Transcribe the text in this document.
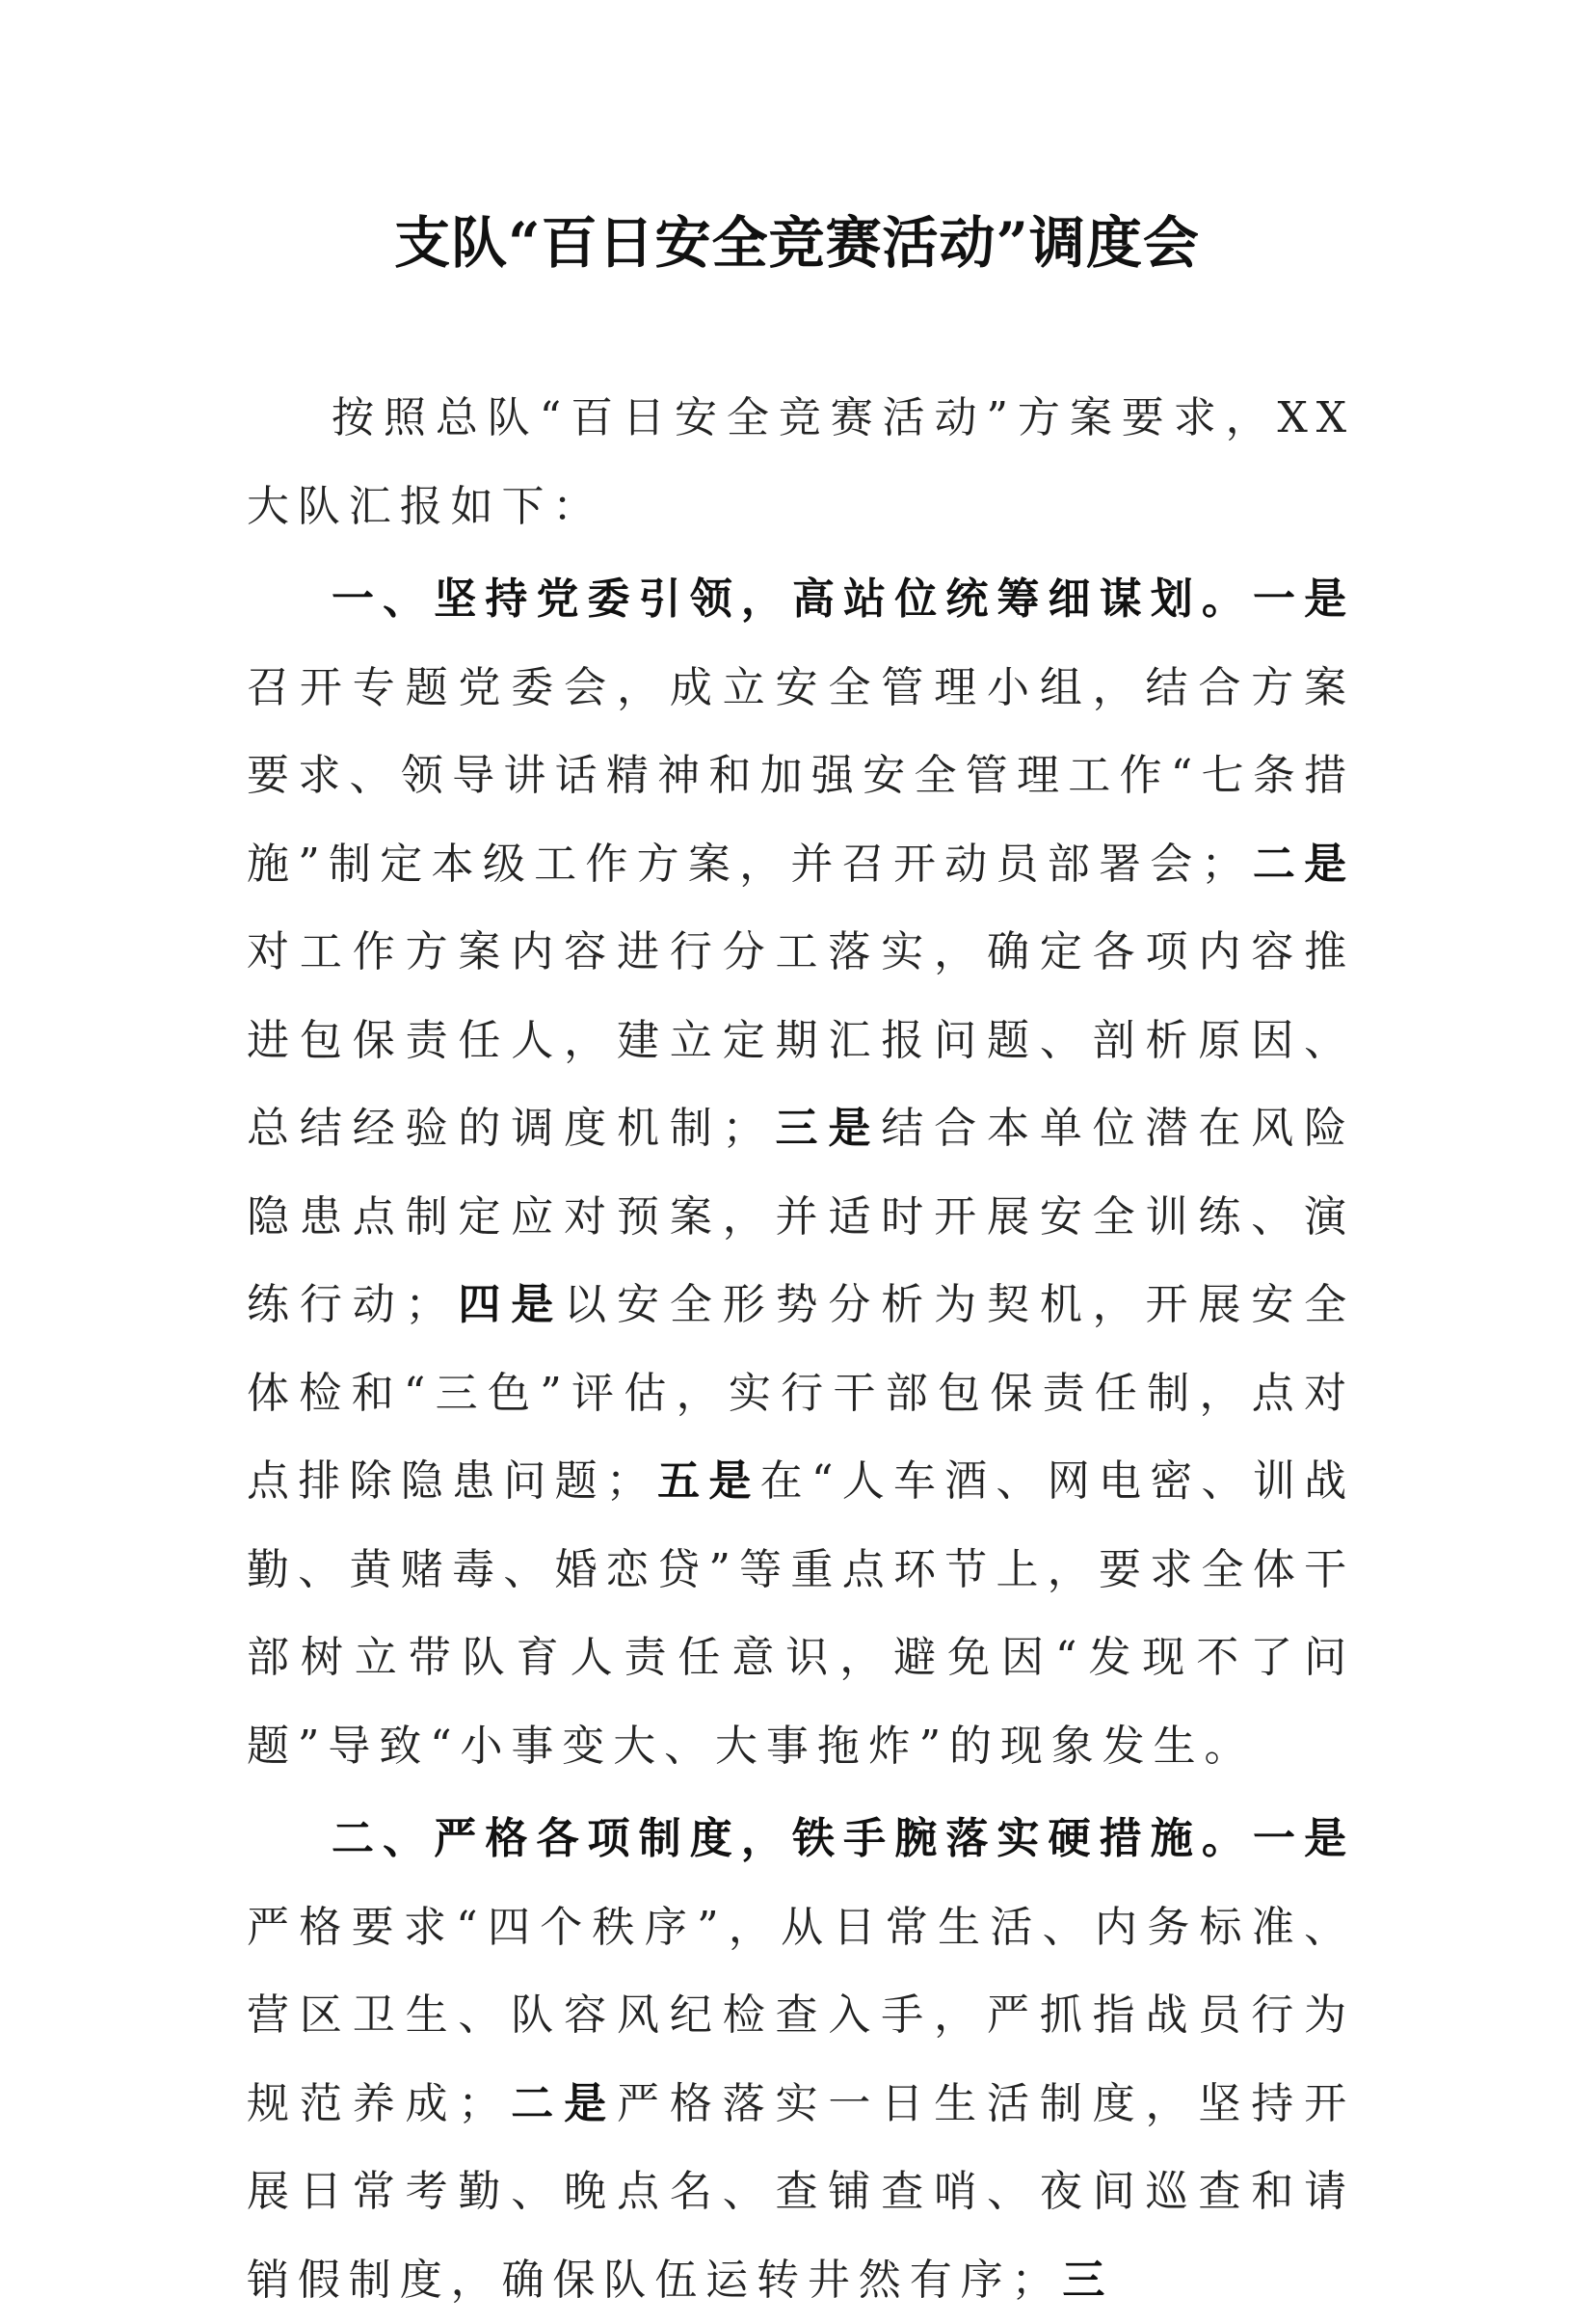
支队“百日安全竞赛活动”调度会

按照总队“百日安全竞赛活动”方案要求，XX大队汇报如下：

一、坚持党委引领，高站位统筹细谋划。一是召开专题党委会，成立安全管理小组，结合方案要求、领导讲话精神和加强安全管理工作“七条措施”制定本级工作方案，并召开动员部署会；二是对工作方案内容进行分工落实，确定各项内容推进包保责任人，建立定期汇报问题、剖析原因、总结经验的调度机制；三是结合本单位潜在风险隐患点制定应对预案，并适时开展安全训练、演练行动；四是以安全形势分析为契机，开展安全体检和“三色”评估，实行干部包保责任制，点对点排除隐患问题；五是在“人车酒、网电密、训战勤、黄赌毒、婚恋贷”等重点环节上，要求全体干部树立带队育人责任意识，避免因“发现不了问题”导致“小事变大、大事拖炸”的现象发生。

二、严格各项制度，铁手腕落实硬措施。一是严格要求“四个秩序”，从日常生活、内务标准、营区卫生、队容风纪检查入手，严抓指战员行为规范养成；二是严格落实一日生活制度，坚持开展日常考勤、晚点名、查铺查哨、夜间巡查和请销假制度，确保队伍运转井然有序；三
